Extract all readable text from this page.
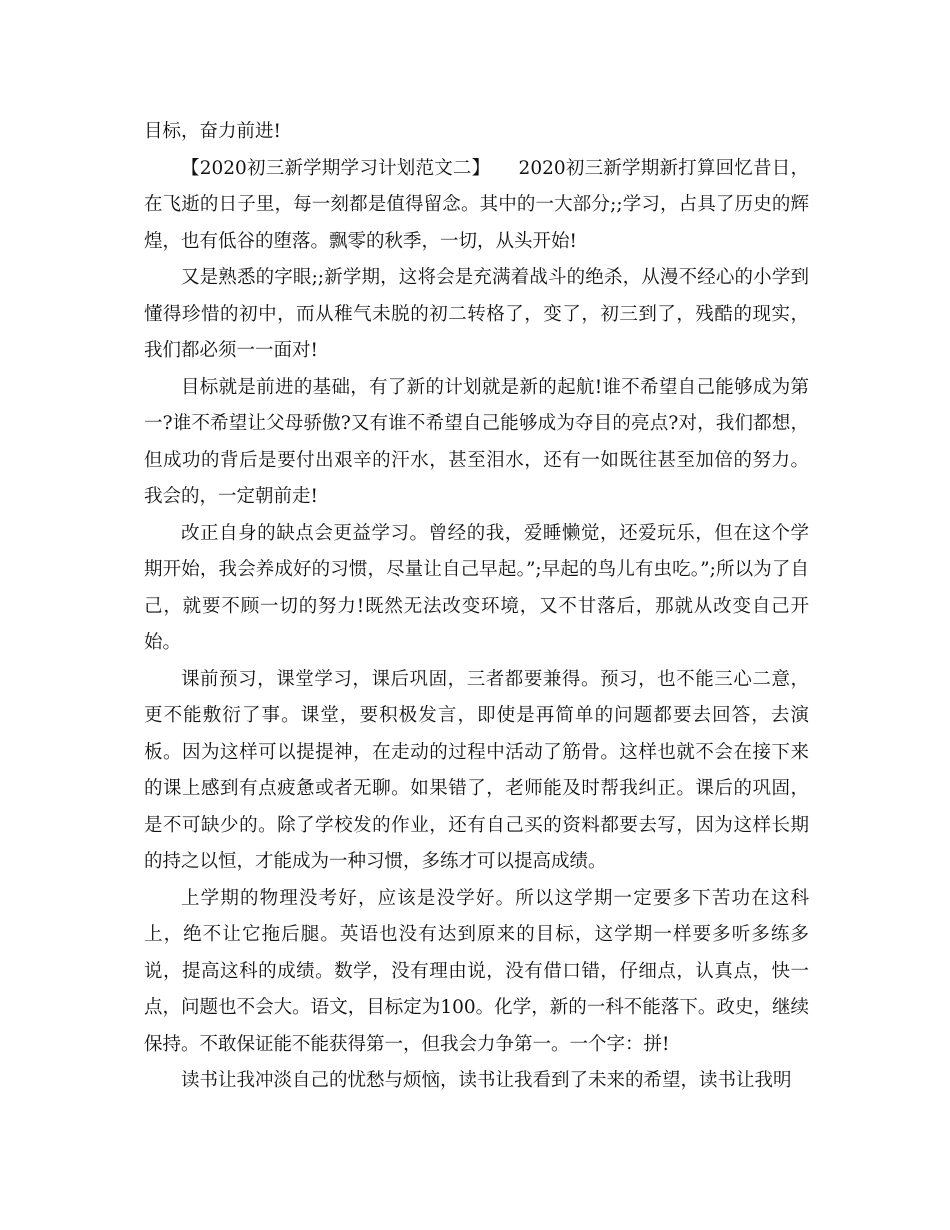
目标，奋力前进!

【2020初三新学期学习计划范文二】　　2020初三新学期新打算回忆昔日，在飞逝的日子里，每一刻都是值得留念。其中的一大部分;;学习，占具了历史的辉煌，也有低谷的堕落。飘零的秋季，一切，从头开始!

又是熟悉的字眼;;新学期，这将会是充满着战斗的绝杀，从漫不经心的小学到懂得珍惜的初中，而从稚气未脱的初二转格了，变了，初三到了，残酷的现实，我们都必须一一面对!

目标就是前进的基础，有了新的计划就是新的起航!谁不希望自己能够成为第一?谁不希望让父母骄傲?又有谁不希望自己能够成为夺目的亮点?对，我们都想，但成功的背后是要付出艰辛的汗水，甚至泪水，还有一如既往甚至加倍的努力。我会的，一定朝前走!

改正自身的缺点会更益学习。曾经的我，爱睡懒觉，还爱玩乐，但在这个学期开始，我会养成好的习惯，尽量让自己早起。”;早起的鸟儿有虫吃。”;所以为了自己，就要不顾一切的努力!既然无法改变环境，又不甘落后，那就从改变自己开始。

课前预习，课堂学习，课后巩固，三者都要兼得。预习，也不能三心二意，更不能敷衍了事。课堂，要积极发言，即使是再简单的问题都要去回答，去演板。因为这样可以提提神，在走动的过程中活动了筋骨。这样也就不会在接下来的课上感到有点疲惫或者无聊。如果错了，老师能及时帮我纠正。课后的巩固，是不可缺少的。除了学校发的作业，还有自己买的资料都要去写，因为这样长期的持之以恒，才能成为一种习惯，多练才可以提高成绩。

上学期的物理没考好，应该是没学好。所以这学期一定要多下苦功在这科上，绝不让它拖后腿。英语也没有达到原来的目标，这学期一样要多听多练多说，提高这科的成绩。数学，没有理由说，没有借口错，仔细点，认真点，快一点，问题也不会大。语文，目标定为100。化学，新的一科不能落下。政史，继续保持。不敢保证能不能获得第一，但我会力争第一。一个字：拼!

读书让我冲淡自己的忧愁与烦恼，读书让我看到了未来的希望，读书让我明
